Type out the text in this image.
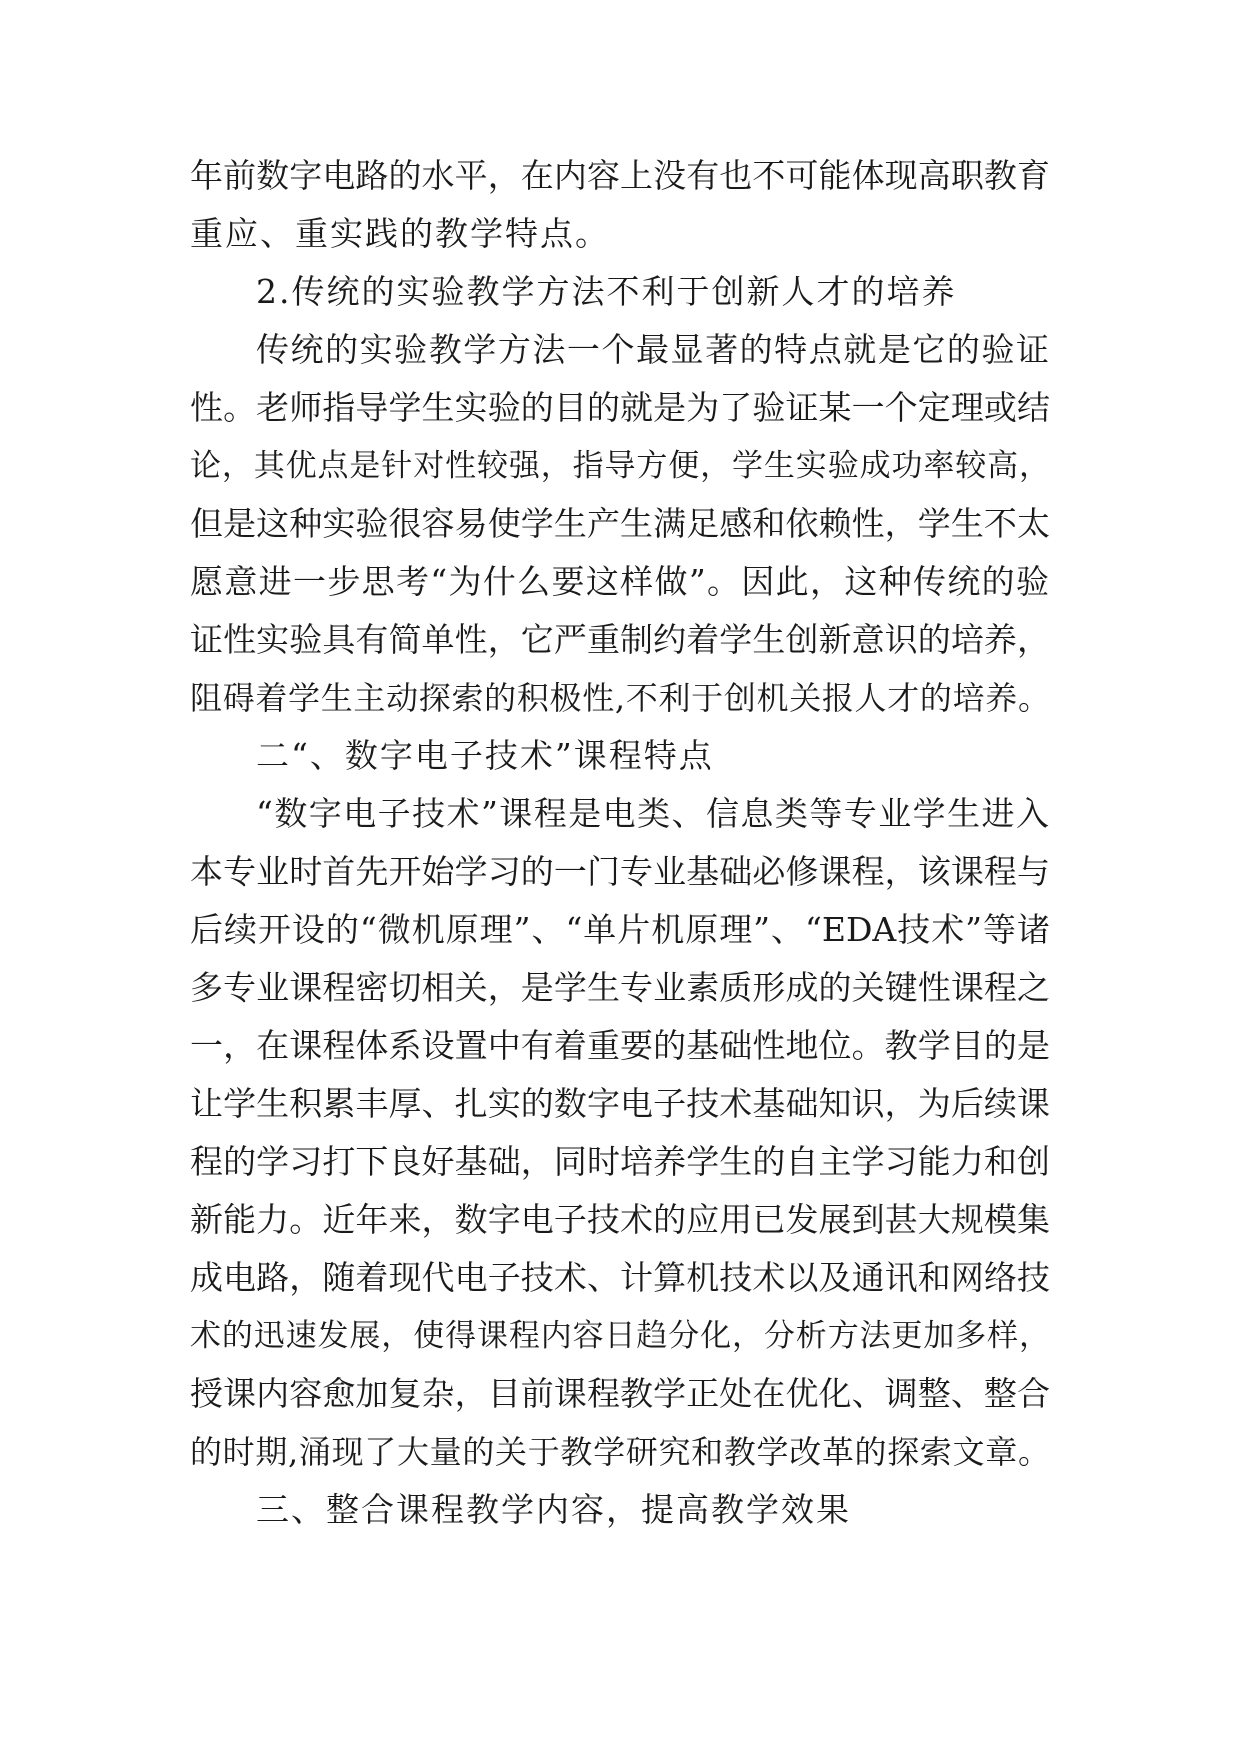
年前数字电路的水平，在内容上没有也不可能体现高职教育
重应、重实践的教学特点。
2.传统的实验教学方法不利于创新人才的培养
传统的实验教学方法一个最显著的特点就是它的验证
性。老师指导学生实验的目的就是为了验证某一个定理或结
论，其优点是针对性较强，指导方便，学生实验成功率较高，
但是这种实验很容易使学生产生满足感和依赖性，学生不太
愿意进一步思考“为什么要这样做”。因此，这种传统的验
证性实验具有简单性，它严重制约着学生创新意识的培养，
阻碍着学生主动探索的积极性,不利于创机关报人才的培养。
二“、数字电子技术”课程特点
“数字电子技术”课程是电类、信息类等专业学生进入
本专业时首先开始学习的一门专业基础必修课程，该课程与
后续开设的“微机原理”、“单片机原理”、“EDA技术”等诸
多专业课程密切相关，是学生专业素质形成的关键性课程之
一，在课程体系设置中有着重要的基础性地位。教学目的是
让学生积累丰厚、扎实的数字电子技术基础知识，为后续课
程的学习打下良好基础，同时培养学生的自主学习能力和创
新能力。近年来，数字电子技术的应用已发展到甚大规模集
成电路，随着现代电子技术、计算机技术以及通讯和网络技
术的迅速发展，使得课程内容日趋分化，分析方法更加多样，
授课内容愈加复杂，目前课程教学正处在优化、调整、整合
的时期,涌现了大量的关于教学研究和教学改革的探索文章。
三、整合课程教学内容，提高教学效果
